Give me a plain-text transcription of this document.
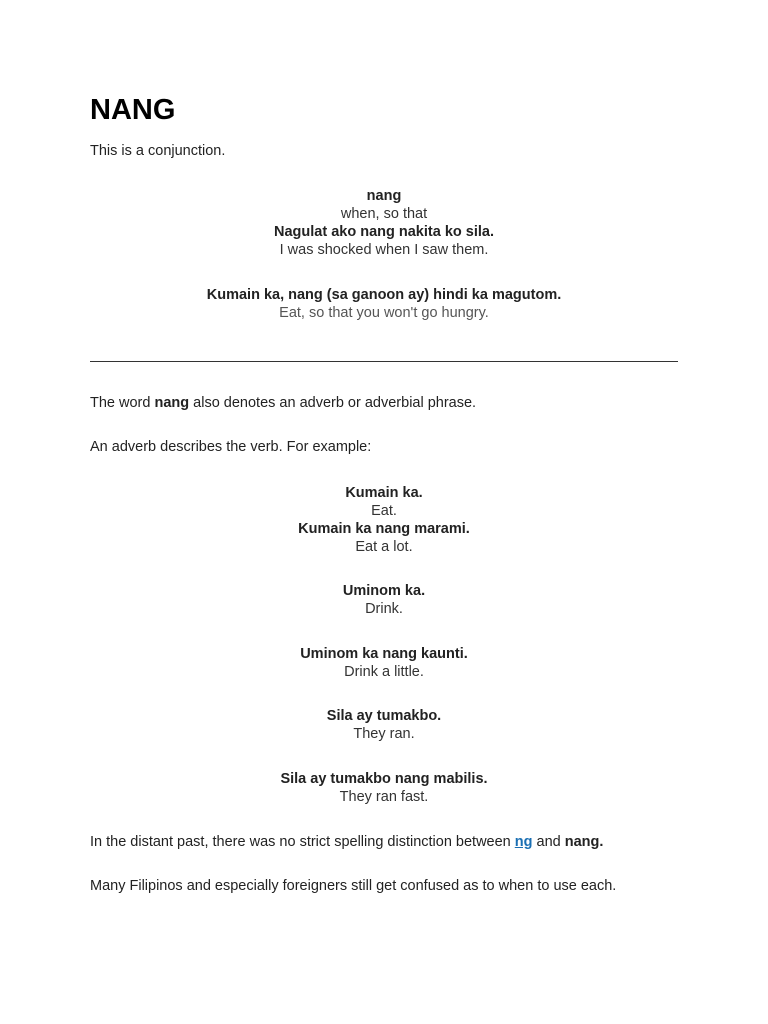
NANG

This is a conjunction.

nang
when, so that
Nagulat ako nang nakita ko sila.
I was shocked when I saw them.
Kumain ka, nang (sa ganoon ay) hindi ka magutom.
Eat, so that you won't go hungry.

The word nang also denotes an adverb or adverbial phrase.

An adverb describes the verb. For example:

Kumain ka.
Eat.
Kumain ka nang marami.
Eat a lot.
Uminom ka.
Drink.
Uminom ka nang kaunti.
Drink a little.
Sila ay tumakbo.
They ran.
Sila ay tumakbo nang mabilis.
They ran fast.

In the distant past, there was no strict spelling distinction between ng and nang.

Many Filipinos and especially foreigners still get confused as to when to use each.
